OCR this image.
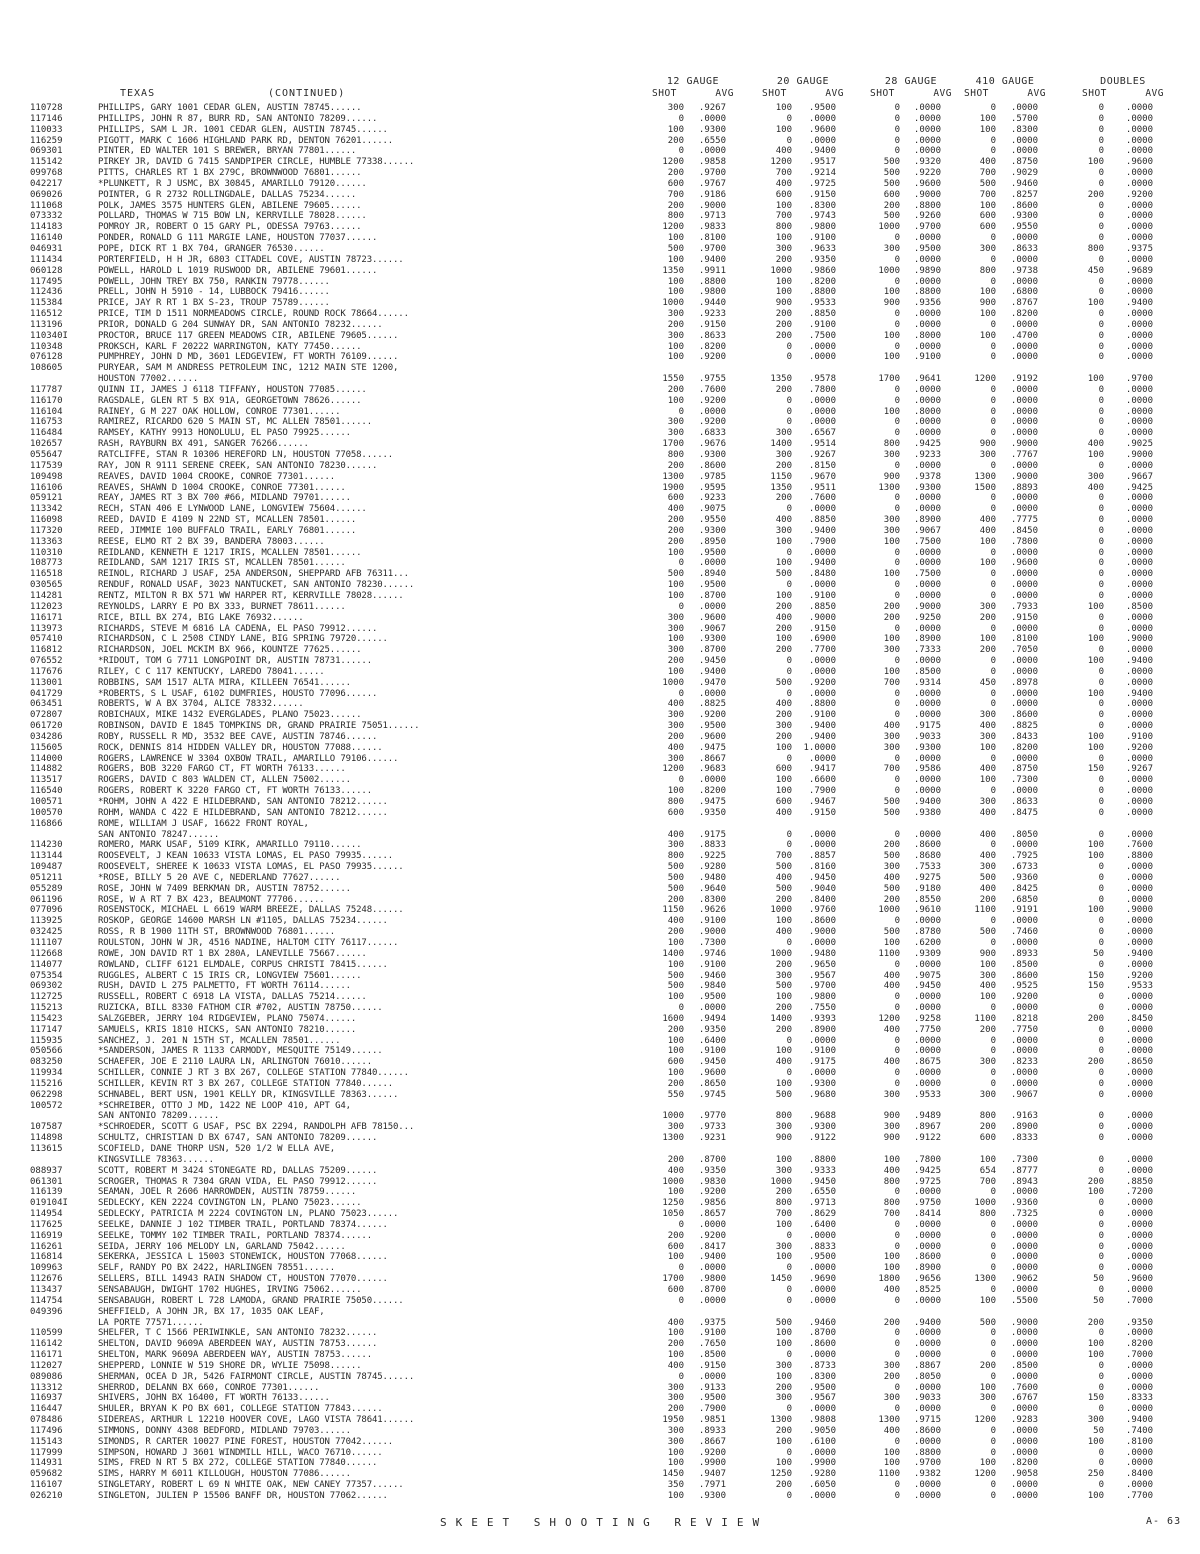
TEXAS	(CONTINUED)
12 GAUGE
SHOT	AVG
20 GAUGE
SHOT	AVG
28 GAUGE
SHOT	AVG
410 GAUGE
SHOT	AVG
DOUBLES
SHOT	AVG
110728	PHILLIPS, GARY 1001 CEDAR GLEN, AUSTIN 78745......	300	.9267	100	.9500	0	.0000	0	.0000	0	.0000
117146	PHILLIPS, JOHN R 87, BURR RD, SAN ANTONIO 78209......	0	.0000	0	.0000	0	.0000	100	.5700	0	.0000
110033	PHILLIPS, SAM L JR. 1001 CEDAR GLEN, AUSTIN 78745......	100	.9300	100	.9600	0	.0000	100	.8300	0	.0000
116259	PIGOTT, MARK C 1606 HIGHLAND PARK RD, DENTON 76201......	200	.6550	0	.0000	0	.0000	0	.0000	0	.0000
069301	PINTER, ED WALTER 101 S BREWER, BRYAN 77801......	0	.0000	400	.9400	0	.0000	0	.0000	0	.0000
115142	PIRKEY JR, DAVID G 7415 SANDPIPER CIRCLE, HUMBLE 77338......	1200	.9858	1200	.9517	500	.9320	400	.8750	100	.9600
099768	PITTS, CHARLES RT 1 BX 279C, BROWNWOOD 76801......	200	.9700	700	.9214	500	.9220	700	.9029	0	.0000
042217	*PLUNKETT, R J USMC, BX 30845, AMARILLO 79120......	600	.9767	400	.9725	500	.9600	500	.9460	0	.0000
069026	POINTER, G R 2732 ROLLINGDALE, DALLAS 75234......	700	.9186	600	.9150	600	.9000	700	.8257	200	.9200
111068	POLK, JAMES 3575 HUNTERS GLEN, ABILENE 79605......	200	.9000	100	.8300	200	.8800	100	.8600	0	.0000
073332	POLLARD, THOMAS W 715 BOW LN, KERRVILLE 78028......	800	.9713	700	.9743	500	.9260	600	.9300	0	.0000
114183	POMROY JR, ROBERT O 15 GARY PL, ODESSA 79763......	1200	.9833	800	.9800	1000	.9700	600	.9550	0	.0000
116140	PONDER, RONALD G 111 MARGIE LANE, HOUSTON 77037......	100	.8100	100	.9100	0	.0000	0	.0000	0	.0000
046931	POPE, DICK RT 1 BX 704, GRANGER 76530......	500	.9700	300	.9633	300	.9500	300	.8633	800	.9375
111434	PORTERFIELD, H H JR, 6803 CITADEL COVE, AUSTIN 78723......	100	.9400	200	.9350	0	.0000	0	.0000	0	.0000
060128	POWELL, HAROLD L 1019 RUSWOOD DR, ABILENE 79601......	1350	.9911	1000	.9860	1000	.9890	800	.9738	450	.9689
117495	POWELL, JOHN TREY BX 750, RANKIN 79778......	100	.8800	100	.8200	0	.0000	0	.0000	0	.0000
112436	PRELL, JOHN H 5910 - 14, LUBBOCK 79416......	100	.9800	100	.8800	100	.8800	100	.6800	0	.0000
115384	PRICE, JAY R RT 1 BX S-23, TROUP 75789......	1000	.9440	900	.9533	900	.9356	900	.8767	100	.9400
116512	PRICE, TIM D 1511 NORMEADOWS CIRCLE, ROUND ROCK 78664......	300	.9233	200	.8850	0	.0000	100	.8200	0	.0000
113196	PRIOR, DONALD G 204 SUNWAY DR, SAN ANTONIO 78232......	200	.9150	200	.9100	0	.0000	0	.0000	0	.0000
110340I	PROCTOR, BRUCE 117 GREEN MEADOWS CIR, ABILENE 79605......	300	.8633	200	.7500	100	.8000	100	.4700	0	.0000
110348	PROKSCH, KARL F 20222 WARRINGTON, KATY 77450......	100	.8200	0	.0000	0	.0000	0	.0000	0	.0000
076128	PUMPHREY, JOHN D MD, 3601 LEDGEVIEW, FT WORTH 76109......	100	.9200	0	.0000	100	.9100	0	.0000	0	.0000
108605	PURYEAR, SAM M ANDRESS PETROLEUM INC, 1212 MAIN STE 1200,
HOUSTON 77002......	1550	.9755	1350	.9578	1700	.9641	1200	.9192	100	.9700
117787	QUINN II, JAMES J 6118 TIFFANY, HOUSTON 77085......	200	.7600	200	.7800	0	.0000	0	.0000	0	.0000
116170	RAGSDALE, GLEN RT 5 BX 91A, GEORGETOWN 78626......	100	.9200	0	.0000	0	.0000	0	.0000	0	.0000
116104	RAINEY, G M 227 OAK HOLLOW, CONROE 77301......	0	.0000	0	.0000	100	.8000	0	.0000	0	.0000
116753	RAMIREZ, RICARDO 620 S MAIN ST, MC ALLEN 78501......	300	.9200	0	.0000	0	.0000	0	.0000	0	.0000
116484	RAMSEY, KATHY 9913 HONOLULU, EL PASO 79925......	300	.6833	300	.6567	0	.0000	0	.0000	0	.0000
102657	RASH, RAYBURN BX 491, SANGER 76266......	1700	.9676	1400	.9514	800	.9425	900	.9000	400	.9025
055647	RATCLIFFE, STAN R 10306 HEREFORD LN, HOUSTON 77058......	800	.9300	300	.9267	300	.9233	300	.7767	100	.9000
117539	RAY, JON R 9111 SERENE CREEK, SAN ANTONIO 78230......	200	.8600	200	.8150	0	.0000	0	.0000	0	.0000
109498	REAVES, DAVID 1004 CROOKE, CONROE 77301......	1300	.9785	1150	.9670	900	.9378	1300	.9000	300	.9667
116106	REAVES, SHAWN D 1004 CROOKE, CONROE 77301......	1900	.9595	1350	.9511	1300	.9300	1500	.8893	400	.9425
059121	REAY, JAMES RT 3 BX 700 #66, MIDLAND 79701......	600	.9233	200	.7600	0	.0000	0	.0000	0	.0000
113342	RECH, STAN 406 E LYNWOOD LANE, LONGVIEW 75604......	400	.9075	0	.0000	0	.0000	0	.0000	0	.0000
116098	REED, DAVID E 4109 N 22ND ST, MCALLEN 78501......	200	.9550	400	.8850	300	.8900	400	.7775	0	.0000
117320	REED, JIMMIE 100 BUFFALO TRAIL, EARLY 76801......	200	.9300	300	.9400	300	.9067	400	.8450	0	.0000
113363	REESE, ELMO RT 2 BX 39, BANDERA 78003......	200	.8950	100	.7900	100	.7500	100	.7800	0	.0000
110310	REIDLAND, KENNETH E 1217 IRIS, MCALLEN 78501......	100	.9500	0	.0000	0	.0000	0	.0000	0	.0000
108773	REIDLAND, SAM 1217 IRIS ST, MCALLEN 78501......	0	.0000	100	.9400	0	.0000	100	.9600	0	.0000
116518	REINOL, RICHARD J USAF, 25A ANDERSON, SHEPPARD AFB 76311...	500	.8940	500	.8480	100	.7500	0	.0000	0	.0000
030565	RENDUF, RONALD USAF, 3023 NANTUCKET, SAN ANTONIO 78230......	100	.9500	0	.0000	0	.0000	0	.0000	0	.0000
114281	RENTZ, MILTON R BX 571 WW HARPER RT, KERRVILLE 78028......	100	.8700	100	.9100	0	.0000	0	.0000	0	.0000
112023	REYNOLDS, LARRY E PO BX 333, BURNET 78611......	0	.0000	200	.8850	200	.9000	300	.7933	100	.8500
116171	RICE, BILL BX 274, BIG LAKE 76932......	300	.9600	400	.9000	200	.9250	200	.9150	0	.0000
113973	RICHARDS, STEVE M 6816 LA CADENA, EL PASO 79912......	300	.9067	200	.9150	0	.0000	0	.0000	0	.0000
057410	RICHARDSON, C L 2508 CINDY LANE, BIG SPRING 79720......	100	.9300	100	.6900	100	.8900	100	.8100	100	.9000
116812	RICHARDSON, JOEL MCKIM BX 966, KOUNTZE 77625......	300	.8700	200	.7700	300	.7333	200	.7050	0	.0000
076552	*RIDOUT, TOM G 7711 LONGPOINT DR, AUSTIN 78731......	200	.9450	0	.0000	0	.0000	0	.0000	100	.9400
117676	RILEY, C C 117 KENTUCKY, LAREDO 78041......	100	.9400	0	.0000	100	.8500	0	.0000	0	.0000
113001	ROBBINS, SAM 1517 ALTA MIRA, KILLEEN 76541......	1000	.9470	500	.9200	700	.9314	450	.8978	0	.0000
041729	*ROBERTS, S L USAF, 6102 DUMFRIES, HOUSTO 77096......	0	.0000	0	.0000	0	.0000	0	.0000	100	.9400
063451	ROBERTS, W A BX 3704, ALICE 78332......	400	.8825	400	.8800	0	.0000	0	.0000	0	.0000
072807	ROBICHAUX, MIKE 1432 EVERGLADES, PLANO 75023......	300	.9200	200	.9100	0	.0000	300	.8600	0	.0000
061720	ROBINSON, DAVID E 1845 TOMPKINS DR, GRAND PRAIRIE 75051......	300	.9500	300	.9400	400	.9175	400	.8825	0	.0000
034286	ROBY, RUSSELL R MD, 3532 BEE CAVE, AUSTIN 78746......	200	.9600	200	.9400	300	.9033	300	.8433	100	.9100
115605	ROCK, DENNIS 814 HIDDEN VALLEY DR, HOUSTON 77088......	400	.9475	100	1.0000	300	.9300	100	.8200	100	.9200
114000	ROGERS, LAWRENCE W 3304 OXBOW TRAIL, AMARILLO 79106......	300	.8667	0	.0000	0	.0000	0	.0000	0	.0000
114882	ROGERS, BOB 3220 FARGO CT, FT WORTH 76133......	1200	.9683	600	.9417	700	.9586	400	.8750	150	.9267
113517	ROGERS, DAVID C 803 WALDEN CT, ALLEN 75002......	0	.0000	100	.6600	0	.0000	100	.7300	0	.0000
116540	ROGERS, ROBERT K 3220 FARGO CT, FT WORTH 76133......	100	.8200	100	.7900	0	.0000	0	.0000	0	.0000
100571	*ROHM, JOHN A 422 E HILDEBRAND, SAN ANTONIO 78212......	800	.9475	600	.9467	500	.9400	300	.8633	0	.0000
100570	ROHM, WANDA C 422 E HILDEBRAND, SAN ANTONIO 78212......	600	.9350	400	.9150	500	.9380	400	.8475	0	.0000
116866	ROME, WILLIAM J USAF, 16622 FRONT ROYAL,
SAN ANTONIO 78247......	400	.9175	0	.0000	0	.0000	400	.8050	0	.0000
114230	ROMERO, MARK USAF, 5109 KIRK, AMARILLO 79110......	300	.8833	0	.0000	200	.8600	0	.0000	100	.7600
113144	ROOSEVELT, J KEAN 10633 VISTA LOMAS, EL PASO 79935......	800	.9225	700	.8857	500	.8680	400	.7925	100	.8800
109487	ROOSEVELT, SHEREE K 10633 VISTA LOMAS, EL PASO 79935......	500	.9280	500	.8160	300	.7533	300	.6733	0	.0000
051211	*ROSE, BILLY 5 20 AVE C, NEDERLAND 77627......	500	.9480	400	.9450	400	.9275	500	.9360	0	.0000
055289	ROSE, JOHN W 7409 BERKMAN DR, AUSTIN 78752......	500	.9640	500	.9040	500	.9180	400	.8425	0	.0000
061196	ROSE, W A RT 7 BX 423, BEAUMONT 77706......	200	.8300	200	.8400	200	.8550	200	.6850	0	.0000
077096	ROSENSTOCK, MICHAEL L 6619 WARM BREEZE, DALLAS 75248......	1150	.9626	1000	.9760	1000	.9610	1100	.9191	100	.9000
113925	ROSKOP, GEORGE 14600 MARSH LN #1105, DALLAS 75234......	400	.9100	100	.8600	0	.0000	0	.0000	0	.0000
032425	ROSS, R B 1900 11TH ST, BROWNWOOD 76801......	200	.9000	400	.9000	500	.8780	500	.7460	0	.0000
111107	ROULSTON, JOHN W JR, 4516 NADINE, HALTOM CITY 76117......	100	.7300	0	.0000	100	.6200	0	.0000	0	.0000
112668	ROWE, JON DAVID RT 1 BX 280A, LANEVILLE 75667......	1400	.9746	1000	.9480	1100	.9309	900	.8933	50	.9400
114077	ROWLAND, CLIFF 6121 ELMDALE, CORPUS CHRISTI 78415......	100	.9100	200	.9650	0	.0000	100	.8500	0	.0000
075354	RUGGLES, ALBERT C 15 IRIS CR, LONGVIEW 75601......	500	.9460	300	.9567	400	.9075	300	.8600	150	.9200
069302	RUSH, DAVID L 275 PALMETTO, FT WORTH 76114......	500	.9840	500	.9700	400	.9450	400	.9525	150	.9533
112725	RUSSELL, ROBERT C 6918 LA VISTA, DALLAS 75214......	100	.9500	100	.9800	0	.0000	100	.9200	0	.0000
115213	RUZICKA, BILL 8330 FATHOM CIR #702, AUSTIN 78750......	0	.0000	200	.7550	0	.0000	0	.0000	0	.0000
115423	SALZGEBER, JERRY 104 RIDGEVIEW, PLANO 75074......	1600	.9494	1400	.9393	1200	.9258	1100	.8218	200	.8450
117147	SAMUELS, KRIS 1810 HICKS, SAN ANTONIO 78210......	200	.9350	200	.8900	400	.7750	200	.7750	0	.0000
115935	SANCHEZ, J. 201 N 15TH ST, MCALLEN 78501......	100	.6400	0	.0000	0	.0000	0	.0000	0	.0000
050566	*SANDERSON, JAMES R 1133 CARMODY, MESQUITE 75149......	100	.9100	100	.9100	0	.0000	0	.0000	0	.0000
083250	SCHAEFER, JOE E 2110 LAURA LN, ARLINGTON 76010......	600	.9450	400	.9175	400	.8675	300	.8233	200	.8650
119934	SCHILLER, CONNIE J RT 3 BX 267, COLLEGE STATION 77840......	100	.9600	0	.0000	0	.0000	0	.0000	0	.0000
115216	SCHILLER, KEVIN RT 3 BX 267, COLLEGE STATION 77840......	200	.8650	100	.9300	0	.0000	0	.0000	0	.0000
062298	SCHNABEL, BERT USN, 1901 KELLY DR, KINGSVILLE 78363......	550	.9745	500	.9680	300	.9533	300	.9067	0	.0000
100572	*SCHREIBER, OTTO J MD, 1422 NE LOOP 410, APT G4,
SAN ANTONIO 78209......	1000	.9770	800	.9688	900	.9489	800	.9163	0	.0000
107587	*SCHROEDER, SCOTT G USAF, PSC BX 2294, RANDOLPH AFB 78150...	300	.9733	300	.9300	300	.8967	200	.8900	0	.0000
114898	SCHULTZ, CHRISTIAN D BX 6747, SAN ANTONIO 78209......	1300	.9231	900	.9122	900	.9122	600	.8333	0	.0000
113615	SCOFIELD, DANE THORP USN, 520 1/2 W ELLA AVE,
KINGSVILLE 78363......	200	.8700	100	.8800	100	.7800	100	.7300	0	.0000
088937	SCOTT, ROBERT M 3424 STONEGATE RD, DALLAS 75209......	400	.9350	300	.9333	400	.9425	654	.8777	0	.0000
061301	SCROGER, THOMAS R 7304 GRAN VIDA, EL PASO 79912......	1000	.9830	1000	.9450	800	.9725	700	.8943	200	.8850
116139	SEAMAN, JOEL R 2606 HARROWDEN, AUSTIN 78759......	100	.9200	200	.6550	0	.0000	0	.0000	100	.7200
019104I	SEDLECKY, KEN 2224 COVINGTON LN, PLANO 75023......	1250	.9856	800	.9713	800	.9750	1000	.9360	0	.0000
114954	SEDLECKY, PATRICIA M 2224 COVINGTON LN, PLANO 75023......	1050	.8657	700	.8629	700	.8414	800	.7325	0	.0000
117625	SEELKE, DANNIE J 102 TIMBER TRAIL, PORTLAND 78374......	0	.0000	100	.6400	0	.0000	0	.0000	0	.0000
116919	SEELKE, TOMMY 102 TIMBER TRAIL, PORTLAND 78374......	200	.9200	0	.0000	0	.0000	0	.0000	0	.0000
116261	SEIDA, JERRY 106 MELODY LN, GARLAND 75042......	600	.8417	300	.8833	0	.0000	0	.0000	0	.0000
116814	SEKERKA, JESSICA L 15003 STONEWICK, HOUSTON 77068......	100	.9400	100	.9500	100	.8600	0	.0000	0	.0000
109963	SELF, RANDY PO BX 2422, HARLINGEN 78551......	0	.0000	0	.0000	100	.8900	0	.0000	0	.0000
112676	SELLERS, BILL 14943 RAIN SHADOW CT, HOUSTON 77070......	1700	.9800	1450	.9690	1800	.9656	1300	.9062	50	.9600
113437	SENSABAUGH, DWIGHT 1702 HUGHES, IRVING 75062......	600	.8700	0	.0000	400	.8525	0	.0000	0	.0000
114754	SENSABAUGH, ROBERT L 728 LAMODA, GRAND PRAIRIE 75050......	0	.0000	0	.0000	0	.0000	100	.5500	50	.7000
049396	SHEFFIELD, A JOHN JR, BX 17, 1035 OAK LEAF,
LA PORTE 77571......	400	.9375	500	.9460	200	.9400	500	.9000	200	.9350
110599	SHELFER, T C 1566 PERIWINKLE, SAN ANTONIO 78232......	100	.9100	100	.8700	0	.0000	0	.0000	0	.0000
116142	SHELTON, DAVID 9609A ABERDEEN WAY, AUSTIN 78753......	200	.7650	100	.8600	0	.0000	0	.0000	100	.8200
116171	SHELTON, MARK 9609A ABERDEEN WAY, AUSTIN 78753......	100	.8500	0	.0000	0	.0000	0	.0000	100	.7000
112027	SHEPPERD, LONNIE W 519 SHORE DR, WYLIE 75098......	400	.9150	300	.8733	300	.8867	200	.8500	0	.0000
089086	SHERMAN, OCEA D JR, 5426 FAIRMONT CIRCLE, AUSTIN 78745......	0	.0000	100	.8300	200	.8050	0	.0000	0	.0000
113312	SHERROD, DELANN BX 660, CONROE 77301......	300	.9133	200	.9500	0	.0000	100	.7600	0	.0000
116937	SHIVERS, JOHN BX 16400, FT WORTH 76133......	300	.9500	300	.9567	300	.9033	300	.6767	150	.8333
116447	SHULER, BRYAN K PO BX 601, COLLEGE STATION 77843......	200	.7900	0	.0000	0	.0000	0	.0000	0	.0000
078486	SIDEREAS, ARTHUR L 12210 HOOVER COVE, LAGO VISTA 78641......	1950	.9851	1300	.9808	1300	.9715	1200	.9283	300	.9400
117496	SIMMONS, DONNY 4308 BEDFORD, MIDLAND 79703......	300	.8933	200	.9050	400	.8600	0	.0000	50	.7400
115143	SIMONDS, R CARTER 10027 PINE FOREST, HOUSTON 77042......	300	.8667	100	.6100	0	.0000	0	.0000	100	.8100
117999	SIMPSON, HOWARD J 3601 WINDMILL HILL, WACO 76710......	100	.9200	0	.0000	100	.8800	0	.0000	0	.0000
114931	SIMS, FRED N RT 5 BX 272, COLLEGE STATION 77840......	100	.9900	100	.9900	100	.9700	100	.8200	0	.0000
059682	SIMS, HARRY M 6011 KILLOUGH, HOUSTON 77086......	1450	.9407	1250	.9280	1100	.9382	1200	.9058	250	.8400
116107	SINGLETARY, ROBERT L 69 N WHITE OAK, NEW CANEY 77357......	350	.7971	200	.6050	0	.0000	0	.0000	0	.0000
026210	SINGLETON, JULIEN P 15506 BANFF DR, HOUSTON 77062......	100	.9300	0	.0000	0	.0000	0	.0000	100	.7700
SKEET SHOOTING REVIEW	A- 63
